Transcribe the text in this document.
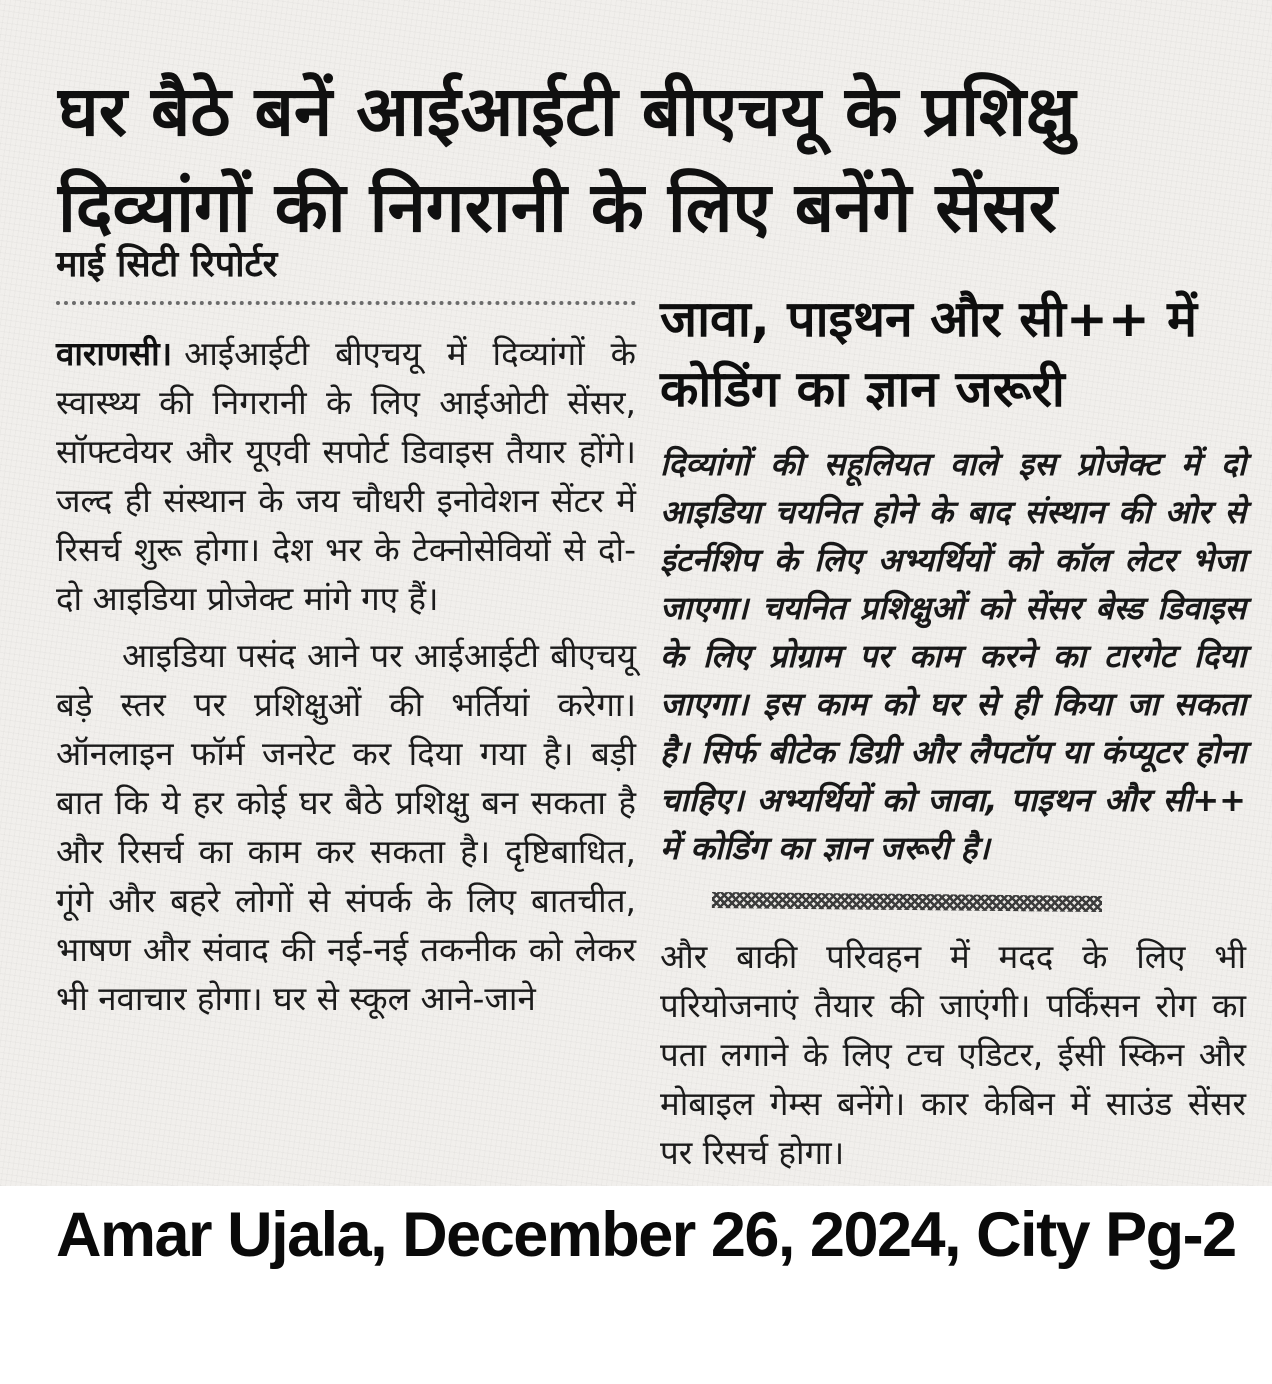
घर बैठे बनें आईआईटी बीएचयू के प्रशिक्षु दिव्यांगों की निगरानी के लिए बनेंगे सेंसर
माई सिटी रिपोर्टर

वाराणसी। आईआईटी बीएचयू में दिव्यांगों के स्वास्थ्य की निगरानी के लिए आईओटी सेंसर, सॉफ्टवेयर और यूएवी सपोर्ट डिवाइस तैयार होंगे। जल्द ही संस्थान के जय चौधरी इनोवेशन सेंटर में रिसर्च शुरू होगा। देश भर के टेक्नोसेवियों से दो-दो आइडिया प्रोजेक्ट मांगे गए हैं।

आइडिया पसंद आने पर आईआईटी बीएचयू बड़े स्तर पर प्रशिक्षुओं की भर्तियां करेगा। ऑनलाइन फॉर्म जनरेट कर दिया गया है। बड़ी बात कि ये हर कोई घर बैठे प्रशिक्षु बन सकता है और रिसर्च का काम कर सकता है। दृष्टिबाधित, गूंगे और बहरे लोगों से संपर्क के लिए बातचीत, भाषण और संवाद की नई-नई तकनीक को लेकर भी नवाचार होगा। घर से स्कूल आने-जाने

जावा, पाइथन और सी++ में कोडिंग का ज्ञान जरूरी

दिव्यांगों की सहूलियत वाले इस प्रोजेक्ट में दो आइडिया चयनित होने के बाद संस्थान की ओर से इंटर्नशिप के लिए अभ्यर्थियों को कॉल लेटर भेजा जाएगा। चयनित प्रशिक्षुओं को सेंसर बेस्ड डिवाइस के लिए प्रोग्राम पर काम करने का टारगेट दिया जाएगा। इस काम को घर से ही किया जा सकता है। सिर्फ बीटेक डिग्री और लैपटॉप या कंप्यूटर होना चाहिए। अभ्यर्थियों को जावा, पाइथन और सी++ में कोडिंग का ज्ञान जरूरी है।

और बाकी परिवहन में मदद के लिए भी परियोजनाएं तैयार की जाएंगी। पर्किंसन रोग का पता लगाने के लिए टच एडिटर, ईसी स्किन और मोबाइल गेम्स बनेंगे। कार केबिन में साउंड सेंसर पर रिसर्च होगा।

Amar Ujala, December 26, 2024, City Pg-2
